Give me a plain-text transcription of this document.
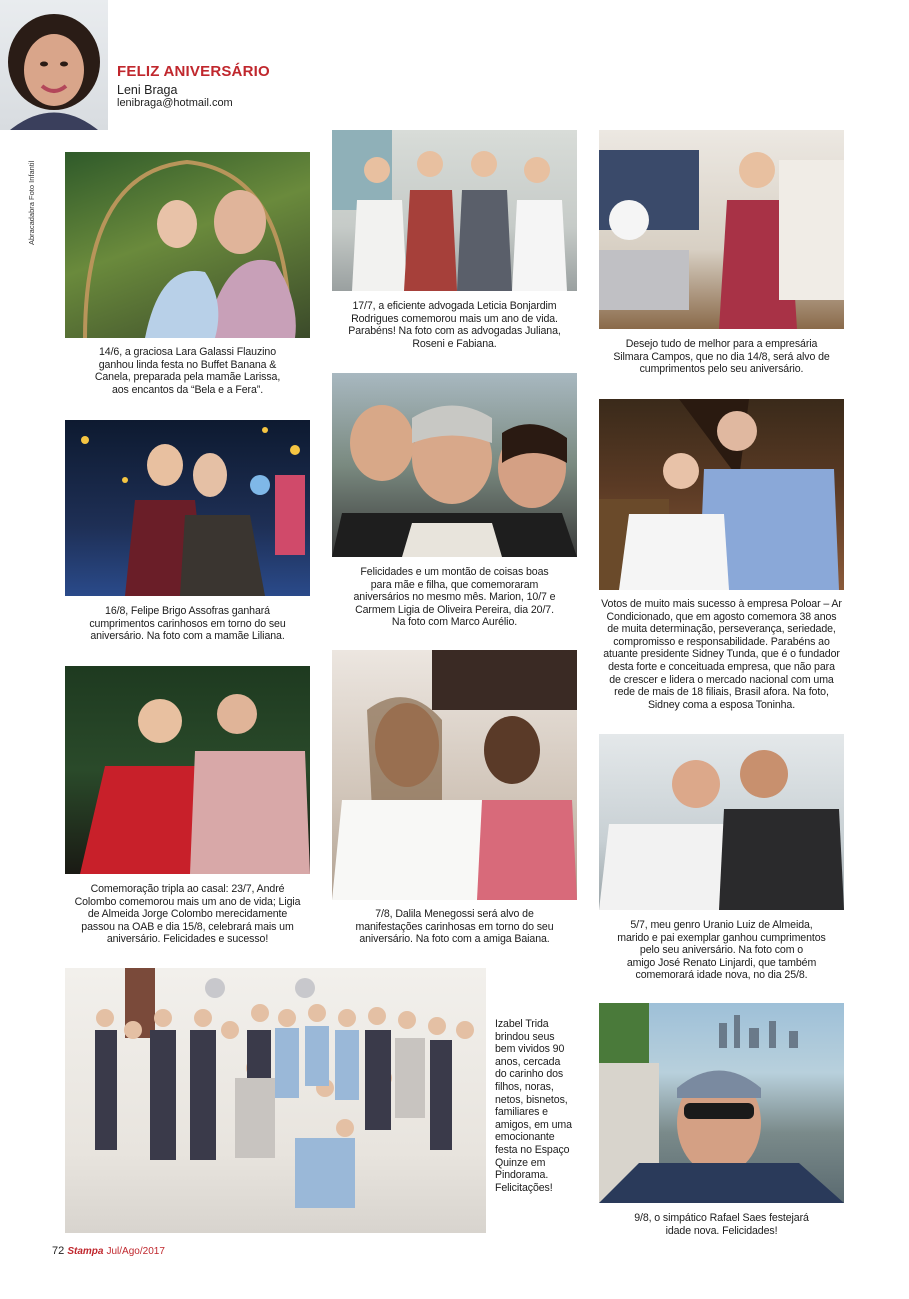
FELIZ ANIVERSÁRIO
Leni Braga
lenibraga@hotmail.com
Abracadabra Foto Infantil
14/6, a graciosa Lara Galassi Flauzino
ganhou linda festa no Buffet Banana &
Canela, preparada pela mamãe Larissa,
aos encantos da “Bela e a Fera”.
17/7, a eficiente advogada Leticia Bonjardim
Rodrigues comemorou mais um ano de vida.
Parabéns! Na foto com as advogadas Juliana,
Roseni e Fabiana.	Desejo tudo de melhor para a empresária
Silmara Campos, que no dia 14/8, será alvo de
cumprimentos pelo seu aniversário.
16/8, Felipe Brigo Assofras ganhará
cumprimentos carinhosos em torno do seu
aniversário. Na foto com a mamãe Liliana.
Felicidades e um montão de coisas boas
para mãe e filha, que comemoraram
aniversários no mesmo mês. Marion, 10/7 e
Carmem Ligia de Oliveira Pereira, dia 20/7.
Na foto com Marco Aurélio.
Votos de muito mais sucesso à empresa Poloar – Ar
Condicionado, que em agosto comemora 38 anos
de muita determinação, perseverança, seriedade,
compromisso e responsabilidade. Parabéns ao
atuante presidente Sidney Tunda, que é o fundador
desta forte e conceituada empresa, que não para
de crescer e lidera o mercado nacional com uma
rede de mais de 18 filiais, Brasil afora. Na foto,
Sidney coma a esposa Toninha.
Comemoração tripla ao casal: 23/7, André
Colombo comemorou mais um ano de vida; Ligia
de Almeida Jorge Colombo merecidamente
passou na OAB e dia 15/8, celebrará mais um
aniversário. Felicidades e sucesso!
7/8, Dalila Menegossi será alvo de
manifestações carinhosas em torno do seu
aniversário. Na foto com a amiga Baiana.
5/7, meu genro Uranio Luiz de Almeida,
marido e pai exemplar ganhou cumprimentos
pelo seu aniversário. Na foto com o
amigo José Renato Linjardi, que também
comemorará idade nova, no dia 25/8.
Izabel Trida
brindou seus
bem vividos 90
anos, cercada
do carinho dos
filhos, noras,
netos, bisnetos,
familiares e
amigos, em uma
emocionante
festa no Espaço
Quinze em
Pindorama.
Felicitações!
9/8, o simpático Rafael Saes festejará
idade nova. Felicidades!
72 Stampa Jul/Ago/2017
